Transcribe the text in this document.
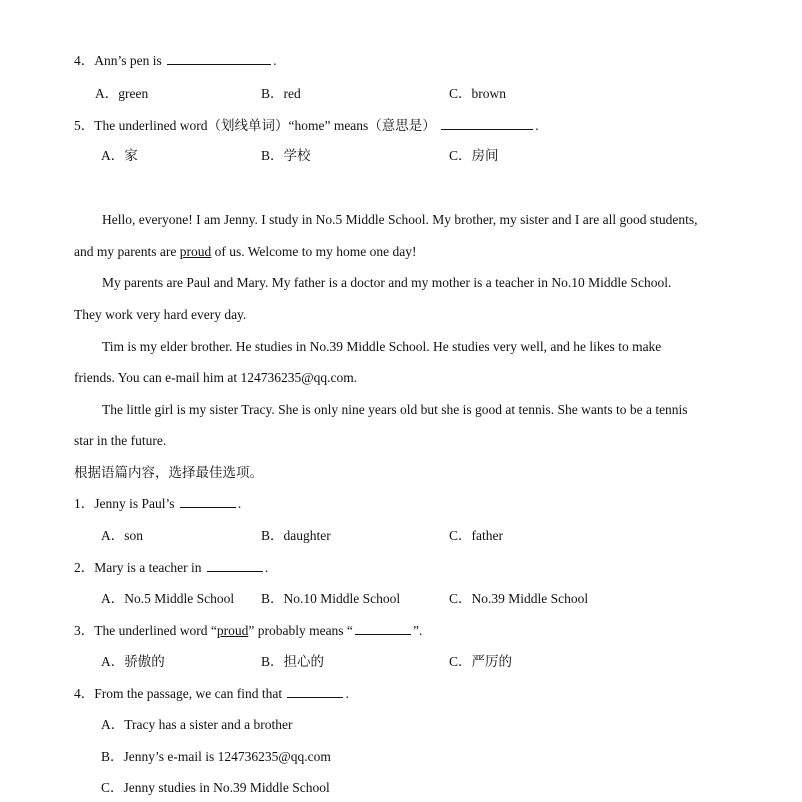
4．Ann’s pen is	.
A．green	B．red	C．brown
5．The underlined word（划线单词）“home” means（意思是）	.
A．家	B．学校	C．房间
Hello, everyone! I am Jenny. I study in No.5 Middle School. My brother, my sister and I are all good students,
and my parents are proud of us. Welcome to my home one day!
My parents are Paul and Mary. My father is a doctor and my mother is a teacher in No.10 Middle School.
They work very hard every day.
Tim is my elder brother. He studies in No.39 Middle School. He studies very well, and he likes to make
friends. You can e-mail him at 124736235@qq.com.
The little girl is my sister Tracy. She is only nine years old but she is good at tennis. She wants to be a tennis
star in the future.
根据语篇内容，选择最佳选项。
1．Jenny is Paul’s	.
A．son	B．daughter	C．father
2．Mary is a teacher in	.
A．No.5 Middle School B．No.10 Middle School	C．No.39 Middle School
3．The underlined word “proud” probably means “	”.
A．骄傲的	B．担心的	C．严厉的
4．From the passage, we can find that	.
A．Tracy has a sister and a brother
B．Jenny’s e-mail is 124736235@qq.com
C．Jenny studies in No.39 Middle School
